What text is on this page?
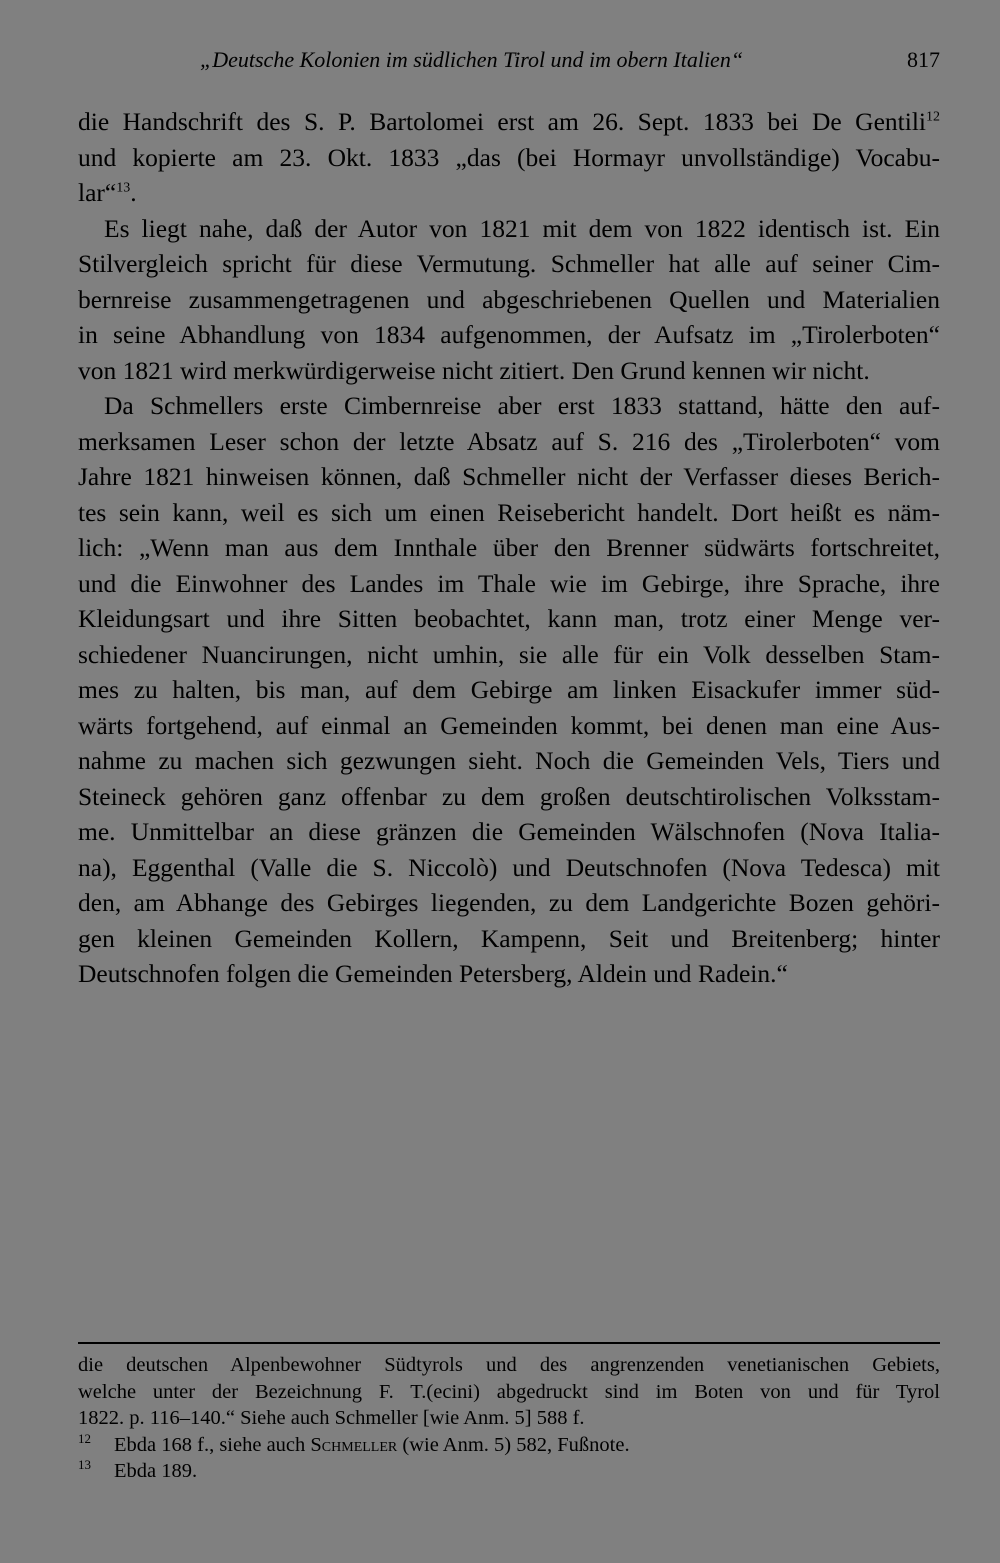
„Deutsche Kolonien im südlichen Tirol und im obern Italien“	817
die Handschrift des S. P. Bartolomei erst am 26. Sept. 1833 bei De Gentili$^{12}$
und kopierte am 23. Okt. 1833 „das (bei Hormayr unvollständige) Vocabu-
lar“$^{13}$.
Es liegt nahe, daß der Autor von 1821 mit dem von 1822 identisch ist. Ein
Stilvergleich spricht für diese Vermutung. Schmeller hat alle auf seiner Cim-
bernreise zusammengetragenen und abgeschriebenen Quellen und Materialien
in seine Abhandlung von 1834 aufgenommen, der Aufsatz im „Tirolerboten“
von 1821 wird merkwürdigerweise nicht zitiert. Den Grund kennen wir nicht.
Da Schmellers erste Cimbernreise aber erst 1833 stattand, hätte den auf-
merksamen Leser schon der letzte Absatz auf S. 216 des „Tirolerboten“ vom
Jahre 1821 hinweisen können, daß Schmeller nicht der Verfasser dieses Berich-
tes sein kann, weil es sich um einen Reisebericht handelt. Dort heißt es näm-
lich: „Wenn man aus dem Innthale über den Brenner südwärts fortschreitet,
und die Einwohner des Landes im Thale wie im Gebirge, ihre Sprache, ihre
Kleidungsart und ihre Sitten beobachtet, kann man, trotz einer Menge ver-
schiedener Nuancirungen, nicht umhin, sie alle für ein Volk desselben Stam-
mes zu halten, bis man, auf dem Gebirge am linken Eisackufer immer süd-
wärts fortgehend, auf einmal an Gemeinden kommt, bei denen man eine Aus-
nahme zu machen sich gezwungen sieht. Noch die Gemeinden Vels, Tiers und
Steineck gehören ganz offenbar zu dem großen deutschtirolischen Volksstam-
me. Unmittelbar an diese gränzen die Gemeinden Wälschnofen (Nova Italia-
na), Eggenthal (Valle die S. Niccolò) und Deutschnofen (Nova Tedesca) mit
den, am Abhange des Gebirges liegenden, zu dem Landgerichte Bozen gehöri-
gen kleinen Gemeinden Kollern, Kampenn, Seit und Breitenberg; hinter
Deutschnofen folgen die Gemeinden Petersberg, Aldein und Radein.“
die deutschen Alpenbewohner Südtyrols und des angrenzenden venetianischen Gebiets,
welche unter der Bezeichnung F. T.(ecini) abgedruckt sind im Boten von und für Tyrol
1822. p. 116–140.“ Siehe auch Schmeller [wie Anm. 5] 588 f.
12 Ebda 168 f., siehe auch Schmeller (wie Anm. 5) 582, Fußnote.
13 Ebda 189.
